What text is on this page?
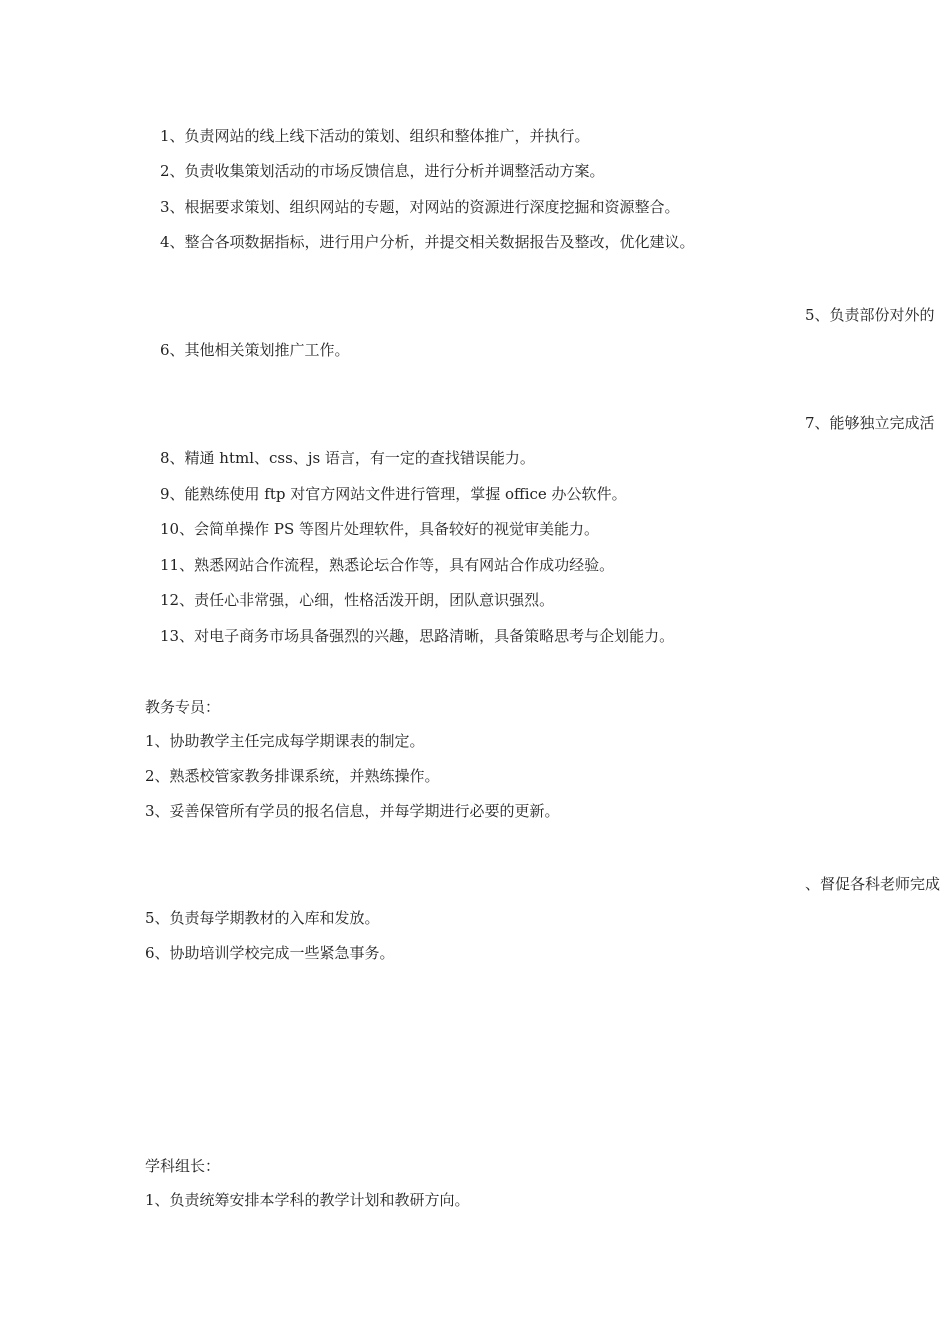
1、负责网站的线上线下活动的策划、组织和整体推广，并执行。
2、负责收集策划活动的市场反馈信息，进行分析并调整活动方案。
3、根据要求策划、组织网站的专题，对网站的资源进行深度挖掘和资源整合。
4、整合各项数据指标，进行用户分析，并提交相关数据报告及整改，优化建议。
5、负责部份对外的
6、其他相关策划推广工作。
7、能够独立完成活
8、精通 html、css、js 语言，有一定的查找错误能力。
9、能熟练使用 ftp 对官方网站文件进行管理，掌握 office 办公软件。
10、会简单操作 PS 等图片处理软件，具备较好的视觉审美能力。
11、熟悉网站合作流程，熟悉论坛合作等，具有网站合作成功经验。
12、责任心非常强，心细，性格活泼开朗，团队意识强烈。
13、对电子商务市场具备强烈的兴趣，思路清晰，具备策略思考与企划能力。
教务专员：
1、协助教学主任完成每学期课表的制定。
2、熟悉校管家教务排课系统，并熟练操作。
3、妥善保管所有学员的报名信息，并每学期进行必要的更新。
、督促各科老师完成
5、负责每学期教材的入库和发放。
6、协助培训学校完成一些紧急事务。
学科组长：
1、负责统筹安排本学科的教学计划和教研方向。
